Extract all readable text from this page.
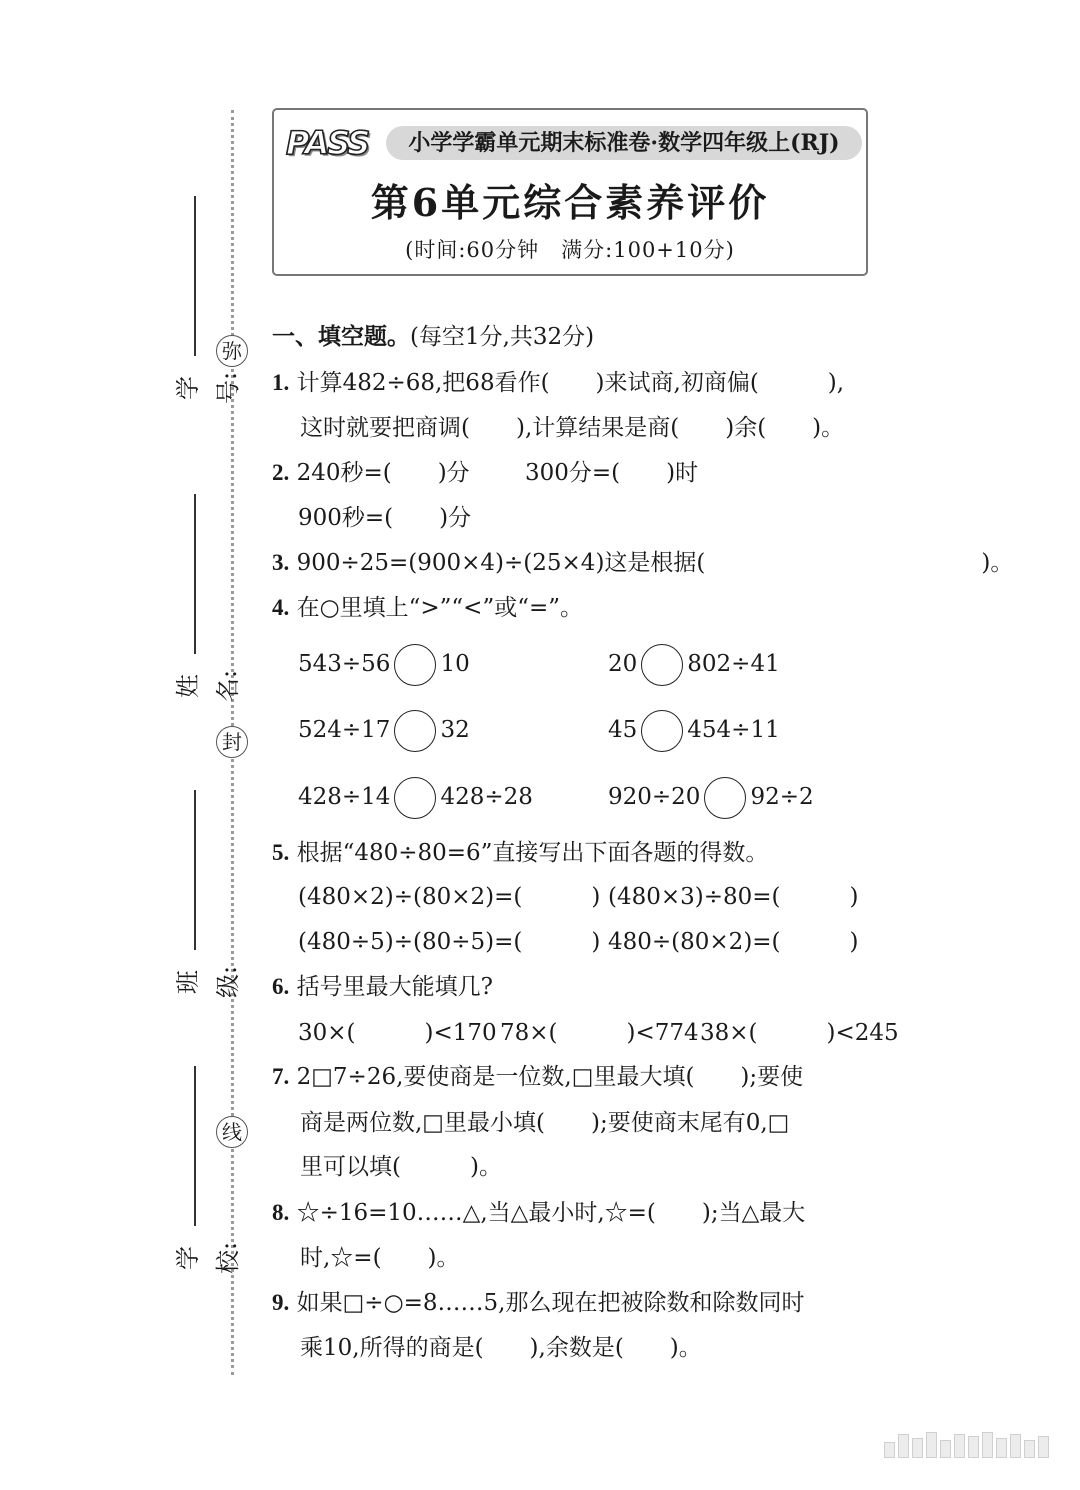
弥
封
线
学号:
姓名:
班级:
学校:
PASS	小学学霸单元期末标准卷·数学四年级上(RJ)
第6单元综合素养评价
(时间:60分钟　满分:100+10分)
一、填空题。(每空1分,共32分)
1. 计算482÷68,把68看作(　　)来试商,初商偏(　　　),
这时就要把商调(　　),计算结果是商(　　)余(　　)。
2. 240秒=(　　)分 300分=(　　)时
900秒=(　　)分
3. 900÷25=(900×4)÷(25×4)这是根据(　　　　　　　　　　　　)。
4. 在○里填上“>”“<”或“=”。
543÷56 10	20 802÷41
524÷17 32	45 454÷11
428÷14 428÷28	920÷20 92÷2
5. 根据“480÷80=6”直接写出下面各题的得数。
(480×2)÷(80×2)=(　　　) (480×3)÷80=(　　　)
(480÷5)÷(80÷5)=(　　　) 480÷(80×2)=(　　　)
6. 括号里最大能填几?
30×(　　　)<170 78×(　　　)<774 38×(　　　)<245
7. 2□7÷26,要使商是一位数,□里最大填(　　);要使
商是两位数,□里最小填(　　);要使商末尾有0,□
里可以填(　　　)。
8. ☆÷16=10……△,当△最小时,☆=(　　);当△最大
时,☆=(　　)。
9. 如果□÷○=8……5,那么现在把被除数和除数同时
乘10,所得的商是(　　),余数是(　　)。
